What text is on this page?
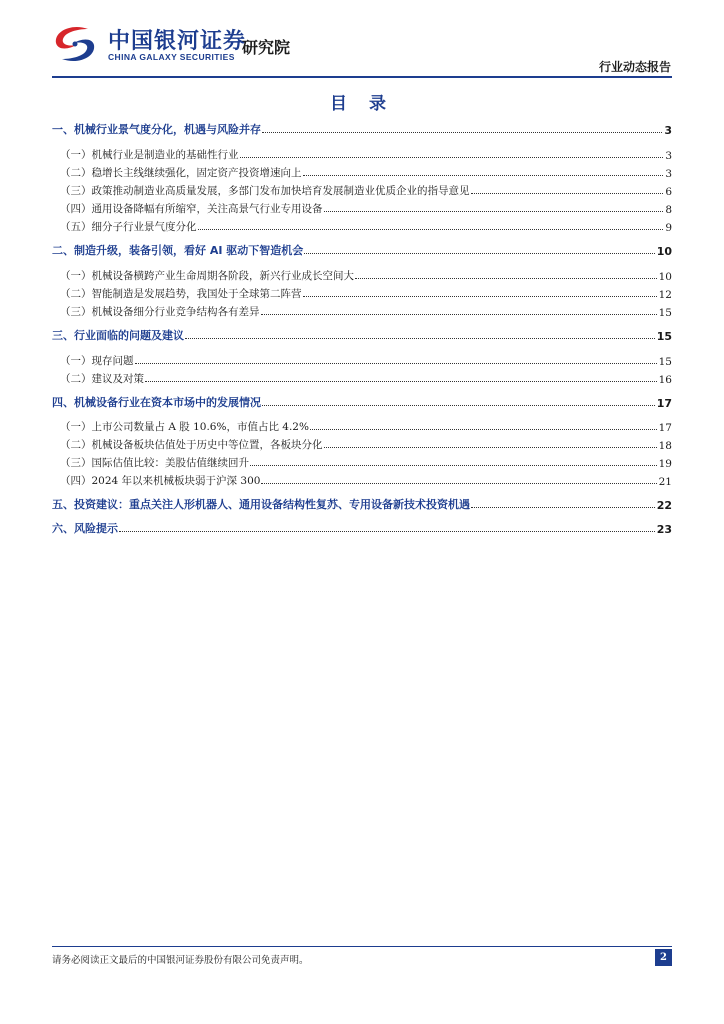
中国银河证券
CHINA GALAXY SECURITIES 研究院
行业动态报告
目 录
一、机械行业景气度分化，机遇与风险并存	3
（一）机械行业是制造业的基础性行业	3
（二）稳增长主线继续强化，固定资产投资增速向上	3
（三）政策推动制造业高质量发展，多部门发布加快培育发展制造业优质企业的指导意见	6
（四）通用设备降幅有所缩窄，关注高景气行业专用设备	8
（五）细分子行业景气度分化	9
二、制造升级，装备引领，看好 AI 驱动下智造机会	10
（一）机械设备横跨产业生命周期各阶段，新兴行业成长空间大	10
（二）智能制造是发展趋势，我国处于全球第二阵营	12
（三）机械设备细分行业竞争结构各有差异	15
三、行业面临的问题及建议	15
（一）现存问题	15
（二）建议及对策	16
四、机械设备行业在资本市场中的发展情况	17
（一）上市公司数量占 A 股 10.6%，市值占比 4.2%	17
（二）机械设备板块估值处于历史中等位置，各板块分化	18
（三）国际估值比较：美股估值继续回升	19
（四）2024 年以来机械板块弱于沪深 300	21
五、投资建议：重点关注人形机器人、通用设备结构性复苏、专用设备新技术投资机遇	22
六、风险提示	23
请务必阅读正文最后的中国银河证券股份有限公司免责声明。	2
